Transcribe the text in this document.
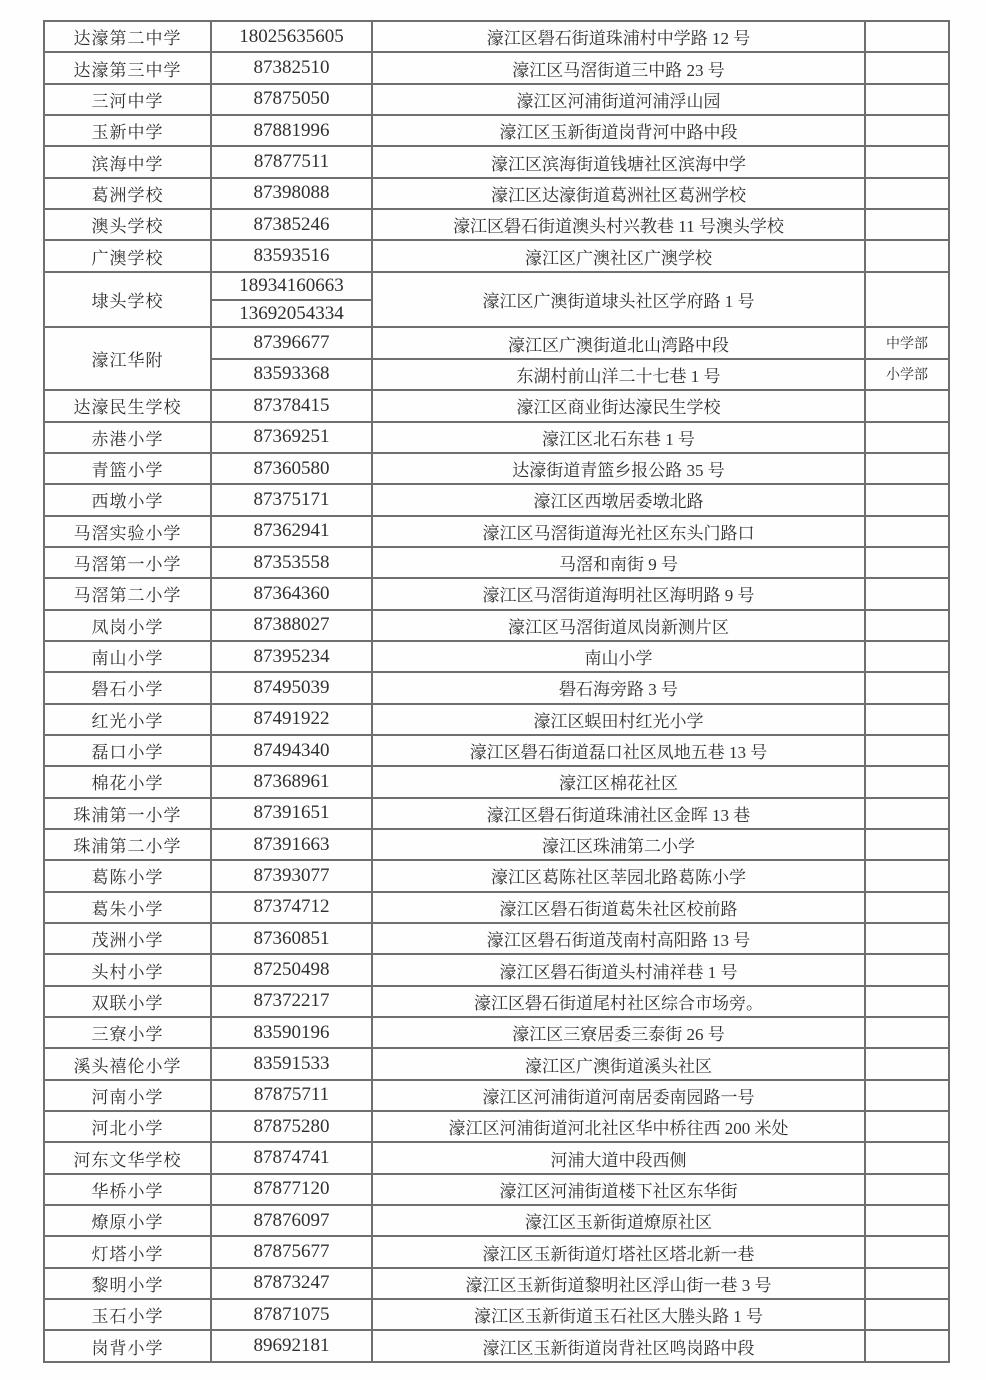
达濠第二中学	18025635605	濠江区礐石街道珠浦村中学路 12 号	
达濠第三中学	87382510	濠江区马滘街道三中路 23 号	
三河中学	87875050	濠江区河浦街道河浦浮山园	
玉新中学	87881996	濠江区玉新街道岗背河中路中段	
滨海中学	87877511	濠江区滨海街道钱塘社区滨海中学	
葛洲学校	87398088	濠江区达濠街道葛洲社区葛洲学校	
澳头学校	87385246	濠江区礐石街道澳头村兴教巷 11 号澳头学校	
广澳学校	83593516	濠江区广澳社区广澳学校	
埭头学校	18934160663	濠江区广澳街道埭头社区学府路 1 号	
	13692054334		
濠江华附	87396677	濠江区广澳街道北山湾路中段	中学部
	83593368	东湖村前山洋二十七巷 1 号	小学部
达濠民生学校	87378415	濠江区商业街达濠民生学校	
赤港小学	87369251	濠江区北石东巷 1 号	
青篮小学	87360580	达濠街道青篮乡报公路 35 号	
西墩小学	87375171	濠江区西墩居委墩北路	
马滘实验小学	87362941	濠江区马滘街道海光社区东头门路口	
马滘第一小学	87353558	马滘和南街 9 号	
马滘第二小学	87364360	濠江区马滘街道海明社区海明路 9 号	
凤岗小学	87388027	濠江区马滘街道凤岗新测片区	
南山小学	87395234	南山小学	
礐石小学	87495039	礐石海旁路 3 号	
红光小学	87491922	濠江区蜈田村红光小学	
磊口小学	87494340	濠江区礐石街道磊口社区凤地五巷 13 号	
棉花小学	87368961	濠江区棉花社区	
珠浦第一小学	87391651	濠江区礐石街道珠浦社区金晖 13 巷	
珠浦第二小学	87391663	濠江区珠浦第二小学	
葛陈小学	87393077	濠江区葛陈社区莘园北路葛陈小学	
葛朱小学	87374712	濠江区礐石街道葛朱社区校前路	
茂洲小学	87360851	濠江区礐石街道茂南村高阳路 13 号	
头村小学	87250498	濠江区礐石街道头村浦祥巷 1 号	
双联小学	87372217	濠江区礐石街道尾村社区综合市场旁。	
三寮小学	83590196	濠江区三寮居委三泰街 26 号	
溪头禧伦小学	83591533	濠江区广澳街道溪头社区	
河南小学	87875711	濠江区河浦街道河南居委南园路一号	
河北小学	87875280	濠江区河浦街道河北社区华中桥往西 200 米处	
河东文华学校	87874741	河浦大道中段西侧	
华桥小学	87877120	濠江区河浦街道楼下社区东华街	
燎原小学	87876097	濠江区玉新街道燎原社区	
灯塔小学	87875677	濠江区玉新街道灯塔社区塔北新一巷	
黎明小学	87873247	濠江区玉新街道黎明社区浮山街一巷 3 号	
玉石小学	87871075	濠江区玉新街道玉石社区大塍头路 1 号	
岗背小学	89692181	濠江区玉新街道岗背社区鸣岗路中段	
